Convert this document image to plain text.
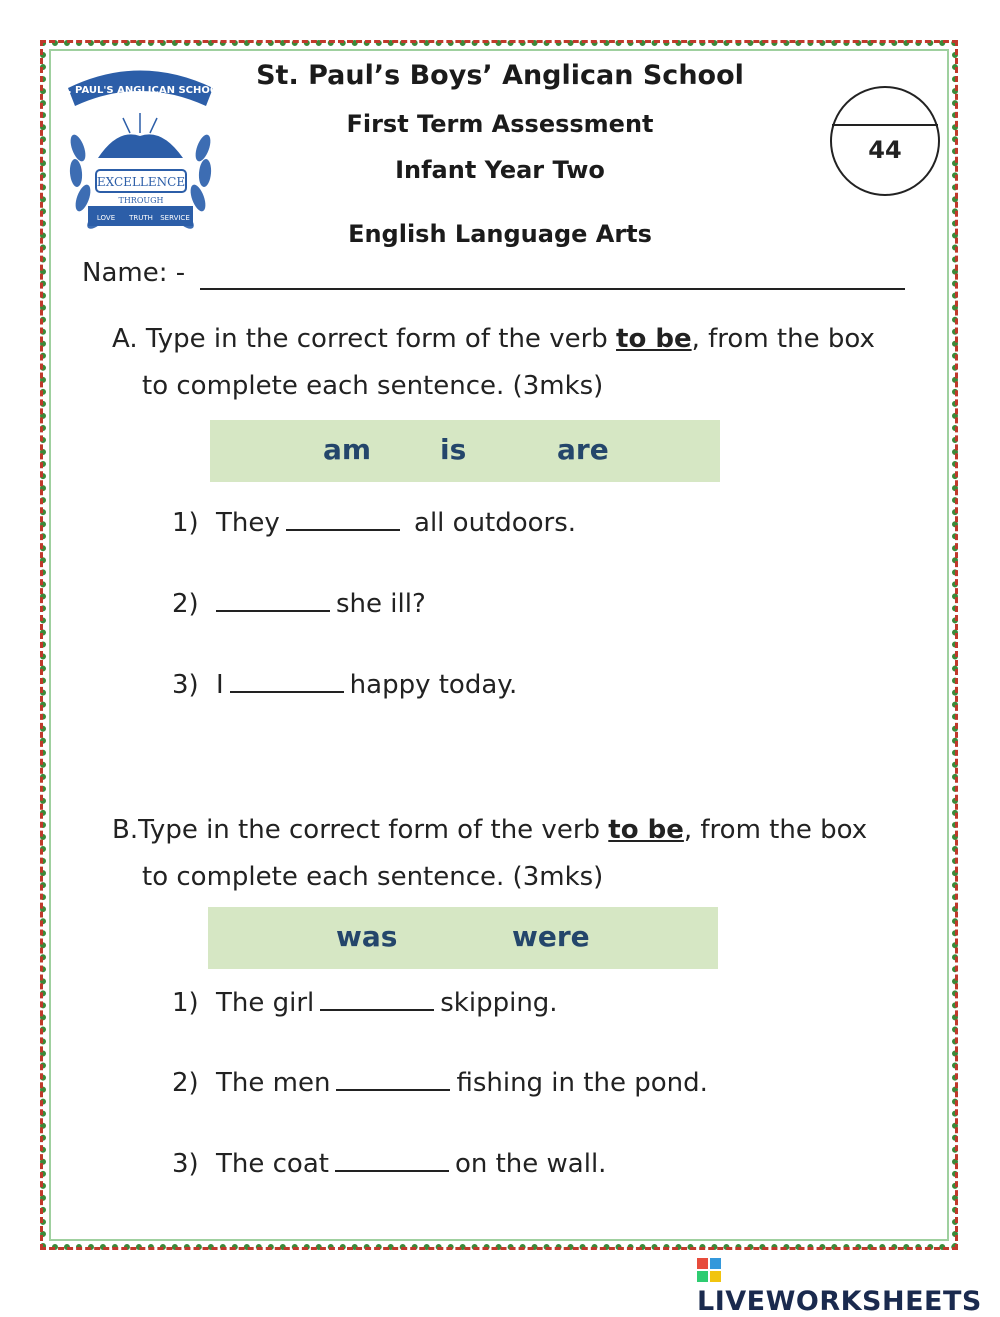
ST. PAUL'S ANGLICAN SCHOOL
EXCELLENCE
THROUGH
LOVE TRUTH SERVICE
St. Paul’s Boys’ Anglican School
First Term Assessment
Infant Year Two
English Language Arts
44
Name: -
A. Type in the correct form of the verb to be, from the box
to complete each sentence. (3mks)
am is	are
1) They	all outdoors.
2)	she ill?
3) I	happy today.
B.Type in the correct form of the verb to be, from the box
to complete each sentence. (3mks)
was	were
1) The girl	skipping.
2) The men	fishing in the pond.
3) The coat	on the wall.
LIVEWORKSHEETS
